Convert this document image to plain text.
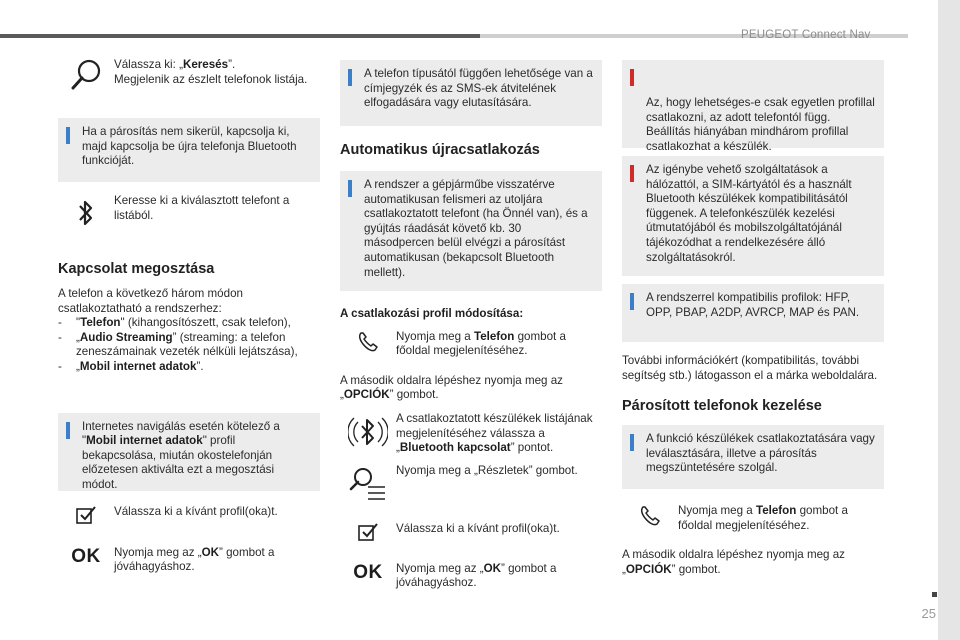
PEUGEOT Connect Nav
25
Válassza ki: „Keresés”.
Megjelenik az észlelt telefonok listája.
Ha a párosítás nem sikerül, kapcsolja ki, majd kapcsolja be újra telefonja Bluetooth funkcióját.
Keresse ki a kiválasztott telefont a listából.
Kapcsolat megosztása
A telefon a következő három módon csatlakoztatható a rendszerhez:
-	"Telefon" (kihangosítószett, csak telefon),
-	„Audio Streaming” (streaming: a telefon zeneszámainak vezeték nélküli lejátszása),
-	„Mobil internet adatok”.
Internetes navigálás esetén kötelező a "Mobil internet adatok" profil bekapcsolása, miután okostelefonján előzetesen aktiválta ezt a megosztási módot.
Válassza ki a kívánt profil(oka)t.
OK Nyomja meg az „OK” gombot a jóváhagyáshoz.
A telefon típusától függően lehetősége van a címjegyzék és az SMS-ek átvitelének elfogadására vagy elutasítására.
Automatikus újracsatlakozás
A rendszer a gépjárműbe visszatérve automatikusan felismeri az utoljára csatlakoztatott telefont (ha Önnél van), és a gyújtás ráadását követő kb. 30 másodpercen belül elvégzi a párosítást automatikusan (bekapcsolt Bluetooth mellett).
A csatlakozási profil módosítása:
Nyomja meg a Telefon gombot a főoldal megjelenítéséhez.
A második oldalra lépéshez nyomja meg az „OPCIÓK” gombot.
A csatlakoztatott készülékek listájának megjelenítéséhez válassza a „Bluetooth kapcsolat” pontot.
Nyomja meg a „Részletek” gombot.
Válassza ki a kívánt profil(oka)t.
OK Nyomja meg az „OK” gombot a jóváhagyáshoz.

Az, hogy lehetséges-e csak egyetlen profillal csatlakozni, az adott telefontól függ.
Beállítás hiányában mindhárom profillal csatlakozhat a készülék.

Az igénybe vehető szolgáltatások a hálózattól, a SIM-kártyától és a használt Bluetooth készülékek kompatibilitásától függenek. A telefonkészülék kezelési útmutatójából és mobilszolgáltatójánál tájékozódhat a rendelkezésére álló szolgáltatásokról.
A rendszerrel kompatibilis profilok: HFP, OPP, PBAP, A2DP, AVRCP, MAP és PAN.
További információkért (kompatibilitás, további segítség stb.) látogasson el a márka weboldalára.
Párosított telefonok kezelése
A funkció készülékek csatlakoztatására vagy leválasztására, illetve a párosítás megszüntetésére szolgál.
Nyomja meg a Telefon gombot a főoldal megjelenítéséhez.
A második oldalra lépéshez nyomja meg az „OPCIÓK” gombot.
